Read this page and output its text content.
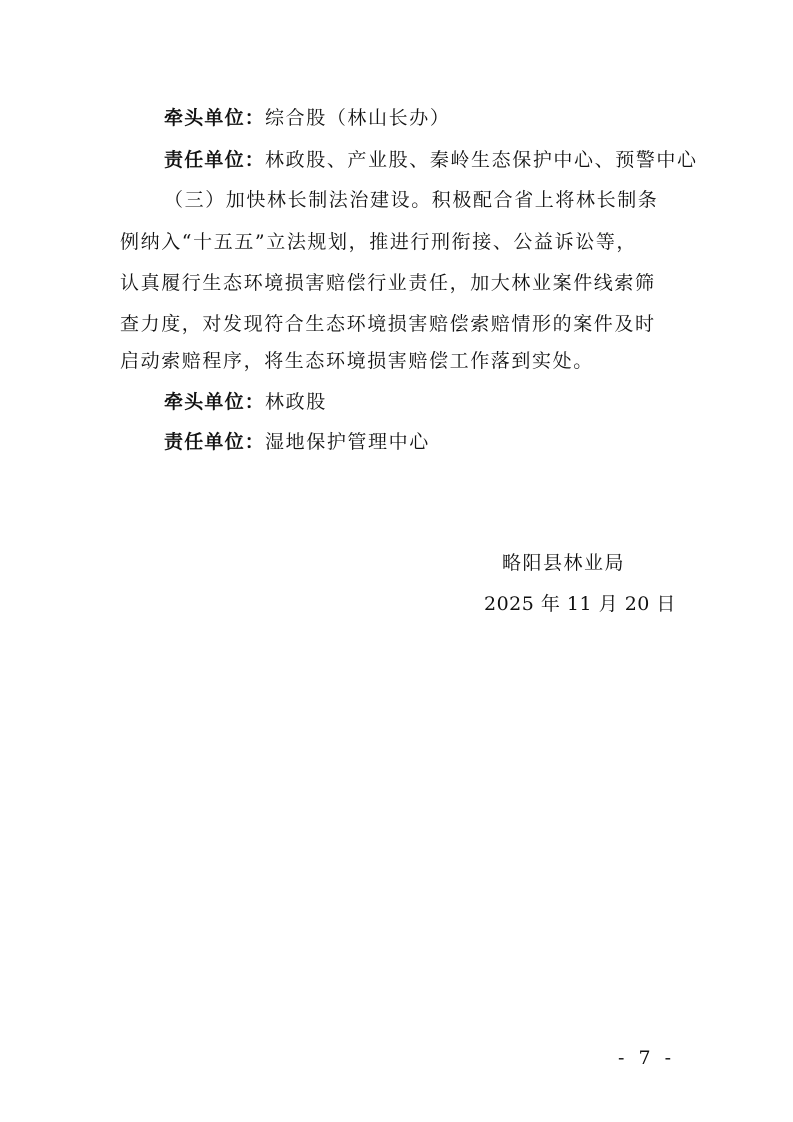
牵头单位：综合股（林山长办）
责任单位：林政股、产业股、秦岭生态保护中心、预警中心
（三）加快林长制法治建设。积极配合省上将林长制条
例纳入“十五五”立法规划，推进行刑衔接、公益诉讼等，
认真履行生态环境损害赔偿行业责任，加大林业案件线索筛
查力度，对发现符合生态环境损害赔偿索赔情形的案件及时
启动索赔程序，将生态环境损害赔偿工作落到实处。
牵头单位：林政股
责任单位：湿地保护管理中心
略阳县林业局
2025 年 11 月 20 日
- 7 -
